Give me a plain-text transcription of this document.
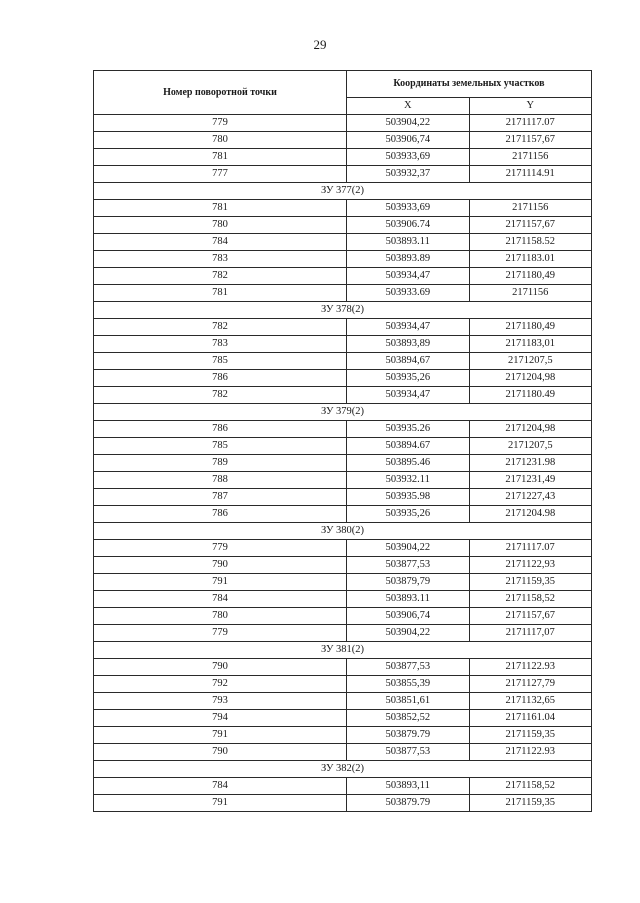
29
Номер поворотной точки	Координаты земельных участков	
	X	Y
779	503904,22	2171117.07
780	503906,74	2171157,67
781	503933,69	2171156
777	503932,37	2171114.91
ЗУ 377(2)		
781	503933,69	2171156
780	503906.74	2171157,67
784	503893.11	2171158.52
783	503893.89	2171183.01
782	503934,47	2171180,49
781	503933.69	2171156
ЗУ 378(2)		
782	503934,47	2171180,49
783	503893,89	2171183,01
785	503894,67	2171207,5
786	503935,26	2171204,98
782	503934,47	2171180.49
ЗУ 379(2)		
786	503935.26	2171204,98
785	503894.67	2171207,5
789	503895.46	2171231.98
788	503932.11	2171231,49
787	503935.98	2171227,43
786	503935,26	2171204.98
ЗУ 380(2)		
779	503904,22	2171117.07
790	503877,53	2171122,93
791	503879,79	2171159,35
784	503893.11	2171158,52
780	503906,74	2171157,67
779	503904,22	2171117,07
ЗУ 381(2)		
790	503877,53	2171122.93
792	503855,39	2171127,79
793	503851,61	2171132,65
794	503852,52	2171161.04
791	503879.79	2171159,35
790	503877,53	2171122.93
ЗУ 382(2)		
784	503893,11	2171158,52
791	503879.79	2171159,35
